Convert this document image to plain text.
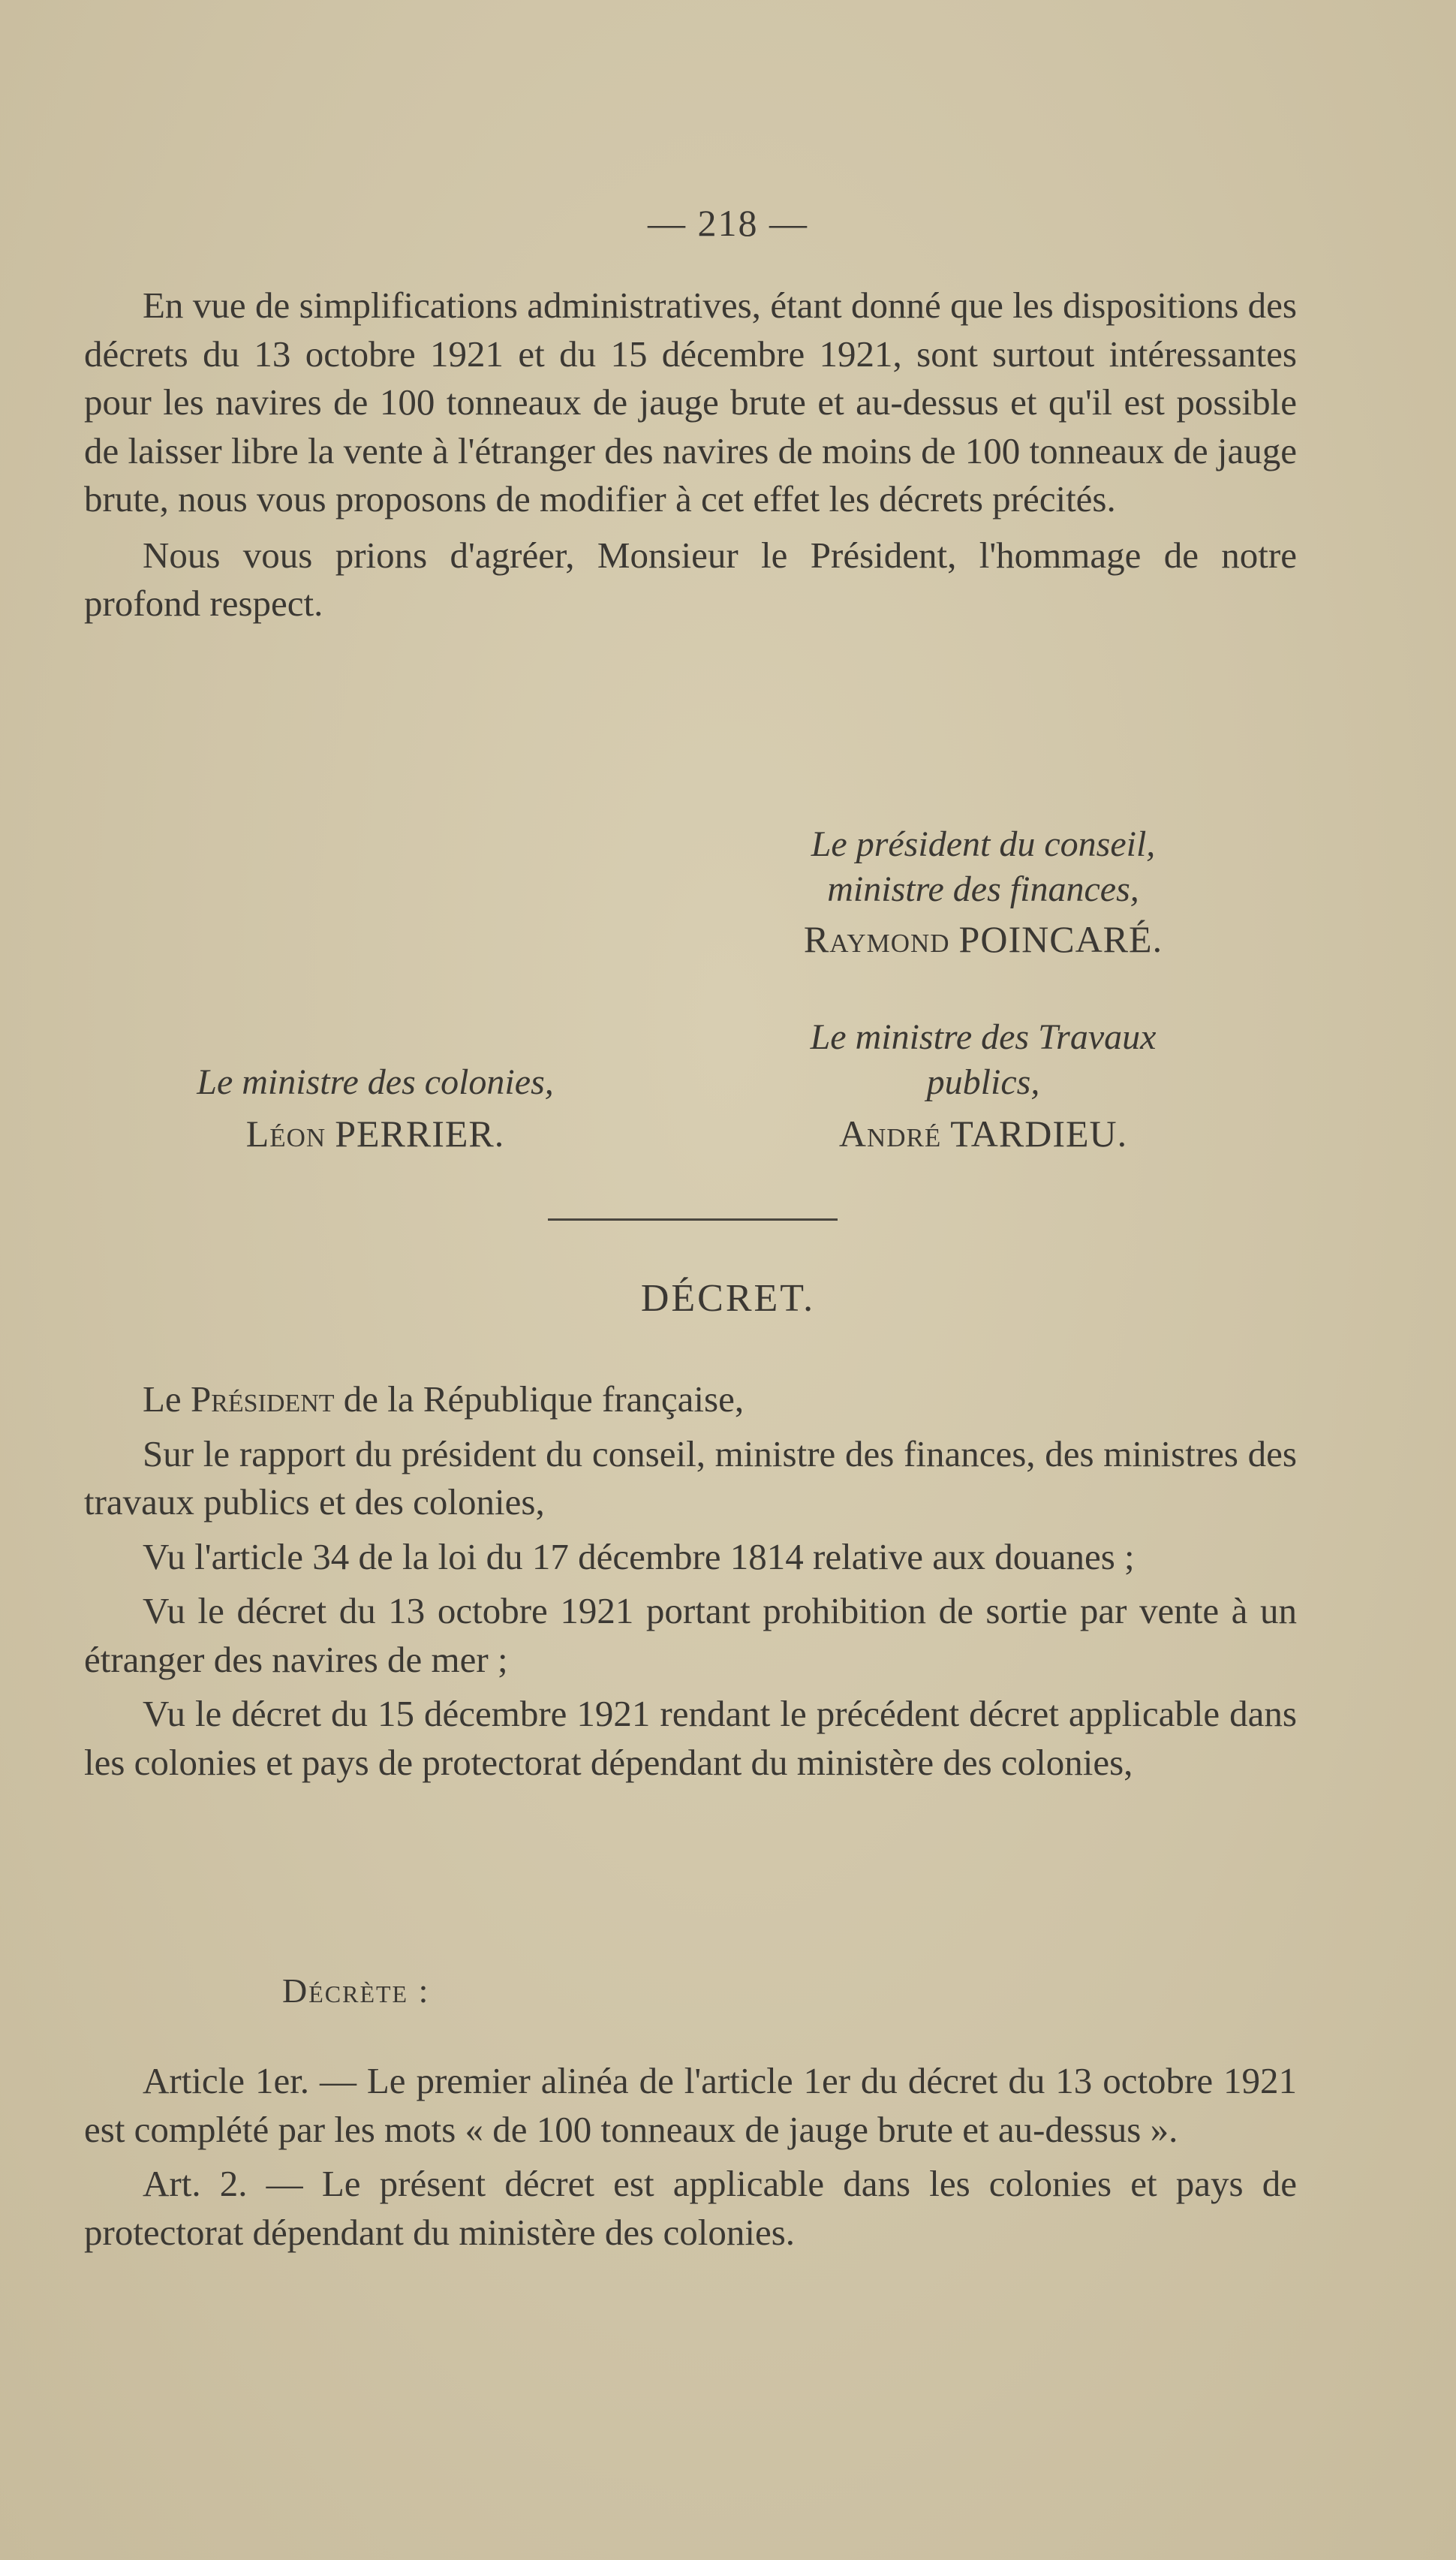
— 218 —

En vue de simplifications administratives, étant donné que les dispositions des décrets du 13 octobre 1921 et du 15 décembre 1921, sont surtout intéressantes pour les navires de 100 tonneaux de jauge brute et au-dessus et qu'il est possible de laisser libre la vente à l'étranger des navires de moins de 100 tonneaux de jauge brute, nous vous proposons de modifier à cet effet les décrets précités.

Nous vous prions d'agréer, Monsieur le Président, l'hommage de notre profond respect.

Le président du conseil,
ministre des finances,
Raymond POINCARÉ.
Le ministre des Travaux
publics,
André TARDIEU.
Le ministre des colonies,
Léon PERRIER.
DÉCRET.

Le Président de la République française,

Sur le rapport du président du conseil, ministre des finances, des ministres des travaux publics et des colonies,

Vu l'article 34 de la loi du 17 décembre 1814 relative aux douanes ;

Vu le décret du 13 octobre 1921 portant prohibition de sortie par vente à un étranger des navires de mer ;

Vu le décret du 15 décembre 1921 rendant le précédent décret applicable dans les colonies et pays de protectorat dépendant du ministère des colonies,

Décrète :

Article 1er. — Le premier alinéa de l'article 1er du décret du 13 octobre 1921 est complété par les mots « de 100 tonneaux de jauge brute et au-dessus ».

Art. 2. — Le présent décret est applicable dans les colonies et pays de protectorat dépendant du ministère des colonies.
